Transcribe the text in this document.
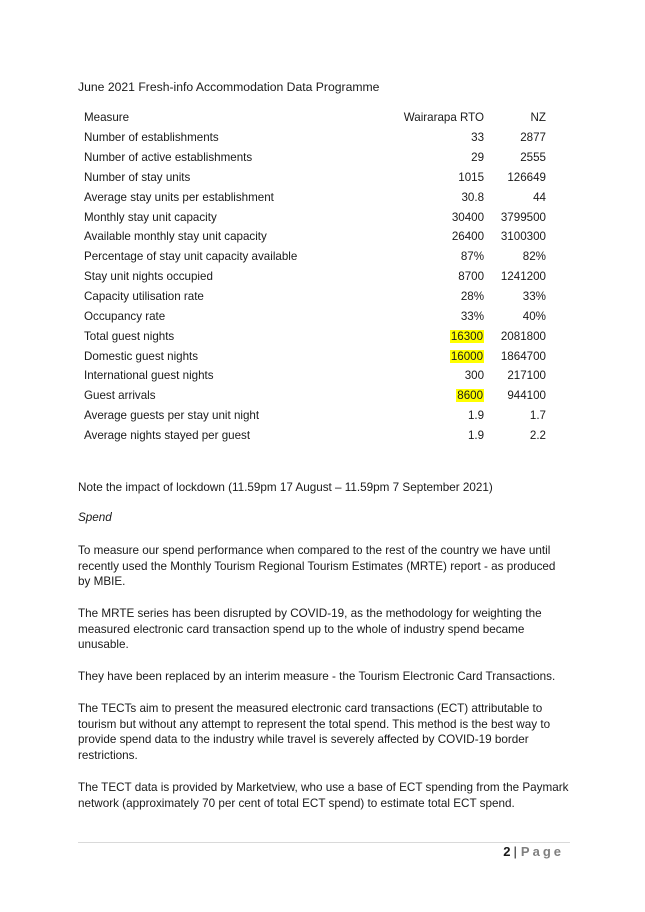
June 2021 Fresh-info Accommodation Data Programme
Measure	Wairarapa RTO	NZ
Number of establishments	33	2877
Number of active establishments	29	2555
Number of stay units	1015	126649
Average stay units per establishment	30.8	44
Monthly stay unit capacity	30400	3799500
Available monthly stay unit capacity	26400	3100300
Percentage of stay unit capacity available	87%	82%
Stay unit nights occupied	8700	1241200
Capacity utilisation rate	28%	33%
Occupancy rate	33%	40%
Total guest nights	16300	2081800
Domestic guest nights	16000	1864700
International guest nights	300	217100
Guest arrivals	8600	944100
Average guests per stay unit night	1.9	1.7
Average nights stayed per guest	1.9	2.2

Note the impact of lockdown (11.59pm 17 August – 11.59pm 7 September 2021)

Spend

To measure our spend performance when compared to the rest of the country we have until recently used the Monthly Tourism Regional Tourism Estimates (MRTE) report - as produced by MBIE.

The MRTE series has been disrupted by COVID-19, as the methodology for weighting the measured electronic card transaction spend up to the whole of industry spend became unusable.

They have been replaced by an interim measure - the Tourism Electronic Card Transactions.

The TECTs aim to present the measured electronic card transactions (ECT) attributable to tourism but without any attempt to represent the total spend. This method is the best way to provide spend data to the industry while travel is severely affected by COVID-19 border restrictions.

The TECT data is provided by Marketview, who use a base of ECT spending from the Paymark network (approximately 70 per cent of total ECT spend) to estimate total ECT spend.

2 | Page
